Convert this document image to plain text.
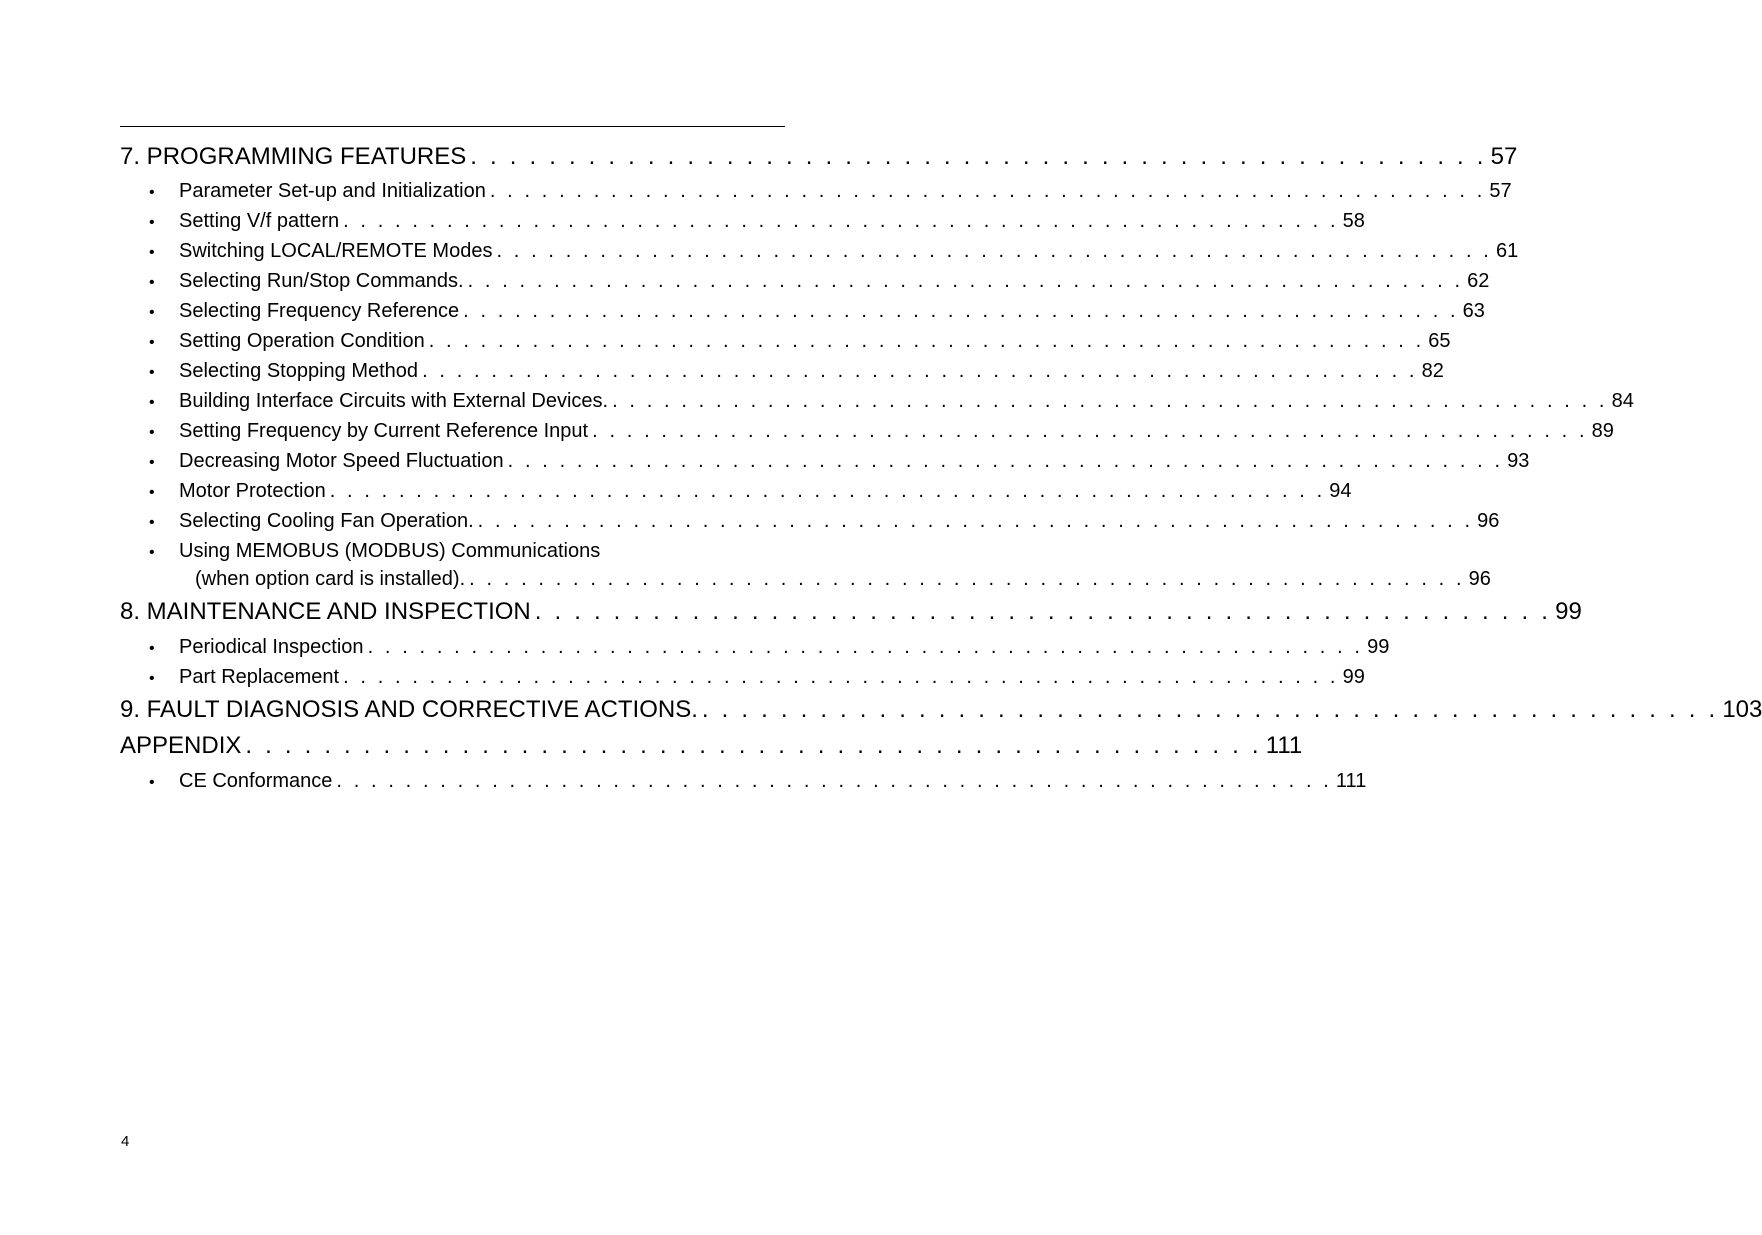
7. PROGRAMMING FEATURES . . . . . . . . . . . . . . . . . . . . . . . . . . . . . . . . . . . . . . . . . . . . . . . . . . . . 57
•	Parameter Set-up and Initialization . . . . . . . . . . . . . . . . . . . . . . . . . . . . . . . . . . . . . . . . . . . . . . . . . . . . . . . . . . 57
•	Setting V/f pattern . . . . . . . . . . . . . . . . . . . . . . . . . . . . . . . . . . . . . . . . . . . . . . . . . . . . . . . . . . 58
•	Switching LOCAL/REMOTE Modes . . . . . . . . . . . . . . . . . . . . . . . . . . . . . . . . . . . . . . . . . . . . . . . . . . . . . . . . . . 61
•	Selecting Run/Stop Commands. . . . . . . . . . . . . . . . . . . . . . . . . . . . . . . . . . . . . . . . . . . . . . . . . . . . . . . . . . . 62
•	Selecting Frequency Reference . . . . . . . . . . . . . . . . . . . . . . . . . . . . . . . . . . . . . . . . . . . . . . . . . . . . . . . . . . 63
•	Setting Operation Condition . . . . . . . . . . . . . . . . . . . . . . . . . . . . . . . . . . . . . . . . . . . . . . . . . . . . . . . . . . 65
•	Selecting Stopping Method . . . . . . . . . . . . . . . . . . . . . . . . . . . . . . . . . . . . . . . . . . . . . . . . . . . . . . . . . . 82
•	Building Interface Circuits with External Devices. . . . . . . . . . . . . . . . . . . . . . . . . . . . . . . . . . . . . . . . . . . . . . . . . . . . . . . . . . . 84
•	Setting Frequency by Current Reference Input . . . . . . . . . . . . . . . . . . . . . . . . . . . . . . . . . . . . . . . . . . . . . . . . . . . . . . . . . . 89
•	Decreasing Motor Speed Fluctuation . . . . . . . . . . . . . . . . . . . . . . . . . . . . . . . . . . . . . . . . . . . . . . . . . . . . . . . . . . 93
•	Motor Protection . . . . . . . . . . . . . . . . . . . . . . . . . . . . . . . . . . . . . . . . . . . . . . . . . . . . . . . . . . 94
•	Selecting Cooling Fan Operation. . . . . . . . . . . . . . . . . . . . . . . . . . . . . . . . . . . . . . . . . . . . . . . . . . . . . . . . . . . 96
•	Using MEMOBUS (MODBUS) Communications
(when option card is installed). . . . . . . . . . . . . . . . . . . . . . . . . . . . . . . . . . . . . . . . . . . . . . . . . . . . . . . . . . . 96
8. MAINTENANCE AND INSPECTION . . . . . . . . . . . . . . . . . . . . . . . . . . . . . . . . . . . . . . . . . . . . . . . . . . . . 99
•	Periodical Inspection . . . . . . . . . . . . . . . . . . . . . . . . . . . . . . . . . . . . . . . . . . . . . . . . . . . . . . . . . . 99
•	Part Replacement . . . . . . . . . . . . . . . . . . . . . . . . . . . . . . . . . . . . . . . . . . . . . . . . . . . . . . . . . . 99
9. FAULT DIAGNOSIS AND CORRECTIVE ACTIONS. . . . . . . . . . . . . . . . . . . . . . . . . . . . . . . . . . . . . . . . . . . . . . . . . . . . . 103
APPENDIX . . . . . . . . . . . . . . . . . . . . . . . . . . . . . . . . . . . . . . . . . . . . . . . . . . . . 111
•	CE Conformance . . . . . . . . . . . . . . . . . . . . . . . . . . . . . . . . . . . . . . . . . . . . . . . . . . . . . . . . . . 111
4
